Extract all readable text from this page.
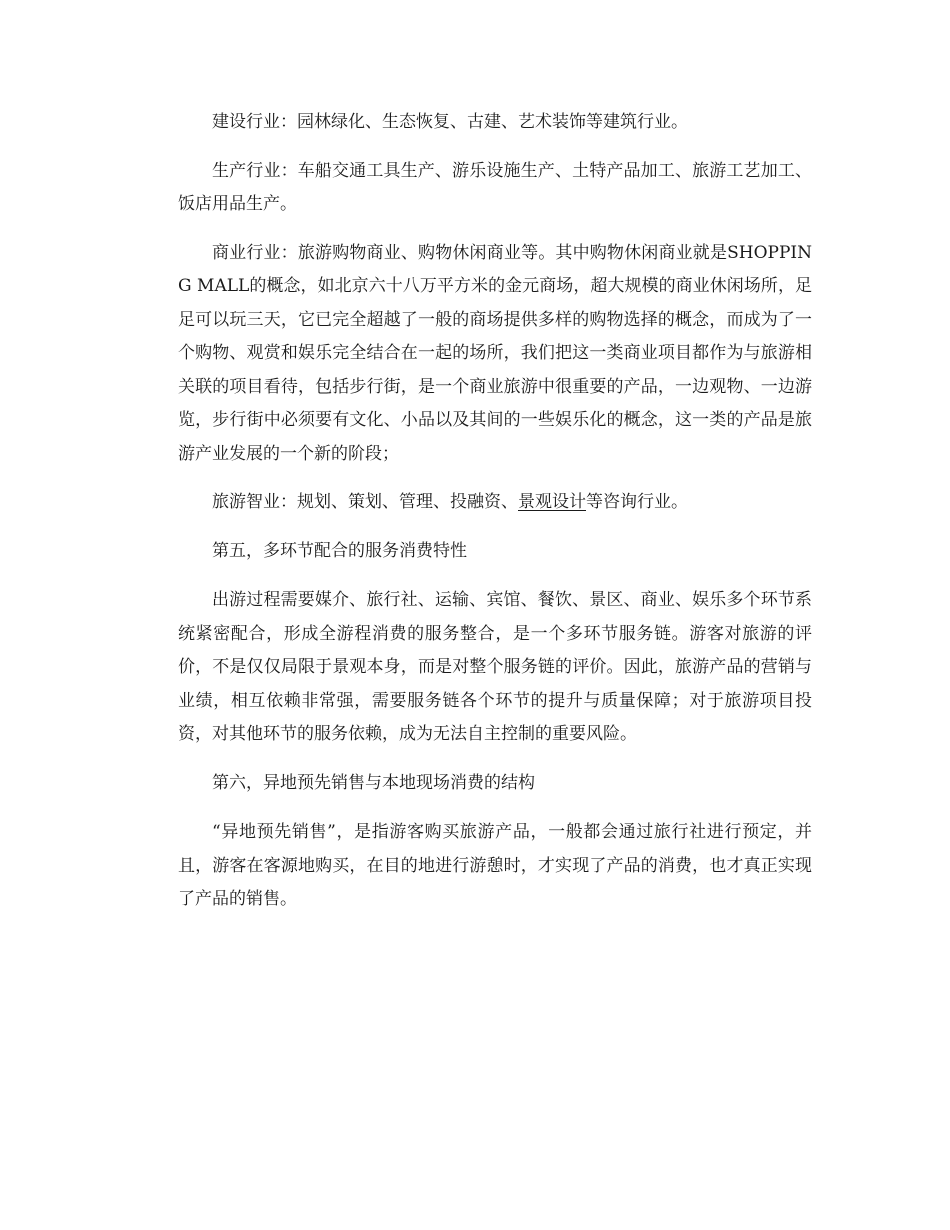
建设行业：园林绿化、生态恢复、古建、艺术装饰等建筑行业。

生产行业：车船交通工具生产、游乐设施生产、土特产品加工、旅游工艺加工、饭店用品生产。

商业行业：旅游购物商业、购物休闲商业等。其中购物休闲商业就是SHOPPING MALL的概念，如北京六十八万平方米的金元商场，超大规模的商业休闲场所，足足可以玩三天，它已完全超越了一般的商场提供多样的购物选择的概念，而成为了一个购物、观赏和娱乐完全结合在一起的场所，我们把这一类商业项目都作为与旅游相关联的项目看待，包括步行街，是一个商业旅游中很重要的产品，一边观物、一边游览，步行街中必须要有文化、小品以及其间的一些娱乐化的概念，这一类的产品是旅游产业发展的一个新的阶段；

旅游智业：规划、策划、管理、投融资、景观设计等咨询行业。

第五，多环节配合的服务消费特性

出游过程需要媒介、旅行社、运输、宾馆、餐饮、景区、商业、娱乐多个环节系统紧密配合，形成全游程消费的服务整合，是一个多环节服务链。游客对旅游的评价，不是仅仅局限于景观本身，而是对整个服务链的评价。因此，旅游产品的营销与业绩，相互依赖非常强，需要服务链各个环节的提升与质量保障；对于旅游项目投资，对其他环节的服务依赖，成为无法自主控制的重要风险。

第六，异地预先销售与本地现场消费的结构

“异地预先销售”，是指游客购买旅游产品，一般都会通过旅行社进行预定，并且，游客在客源地购买，在目的地进行游憩时，才实现了产品的消费，也才真正实现了产品的销售。
